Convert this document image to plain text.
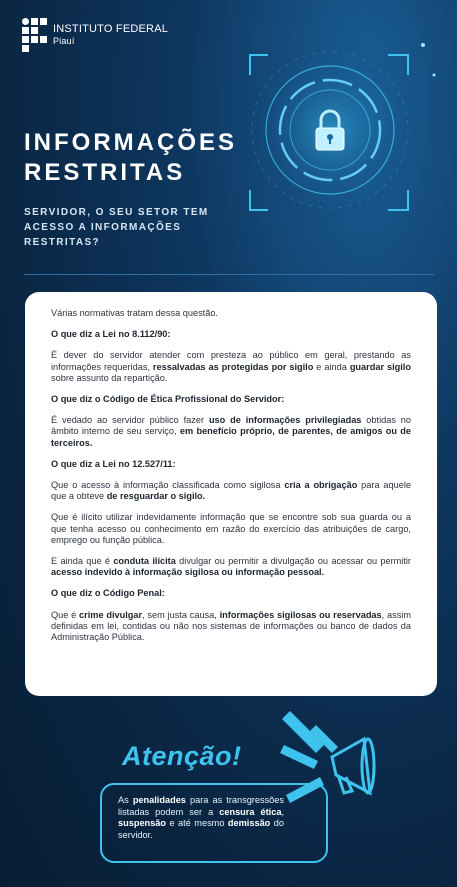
INSTITUTO FEDERAL
Piauí
INFORMAÇÕES
RESTRITAS
SERVIDOR, O SEU SETOR TEM ACESSO A INFORMAÇÕES RESTRITAS?

Várias normativas tratam dessa questão.

O que diz a Lei no 8.112/90:

É dever do servidor atender com presteza ao público em geral, prestando as informações requeridas, ressalvadas as protegidas por sigilo e ainda guardar sigilo sobre assunto da repartição.

O que diz o Código de Ética Profissional do Servidor:

É vedado ao servidor público fazer uso de informações privilegiadas obtidas no âmbito interno de seu serviço, em benefício próprio, de parentes, de amigos ou de terceiros.

O que diz a Lei no 12.527/11:

Que o acesso à informação classificada como sigilosa cria a obrigação para aquele que a obteve de resguardar o sigilo.

Que é ilícito utilizar indevidamente informação que se encontre sob sua guarda ou a que tenha acesso ou conhecimento em razão do exercício das atribuições de cargo, emprego ou função pública.

E ainda que é conduta ilícita divulgar ou permitir a divulgação ou acessar ou permitir acesso indevido à informação sigilosa ou informação pessoal.

O que diz o Código Penal:

Que é crime divulgar, sem justa causa, informações sigilosas ou reservadas, assim definidas em lei, contidas ou não nos sistemas de informações ou banco de dados da Administração Pública.

Atenção!
As penalidades para as transgressões listadas podem ser a censura ética, suspensão e até mesmo demissão do servidor.
